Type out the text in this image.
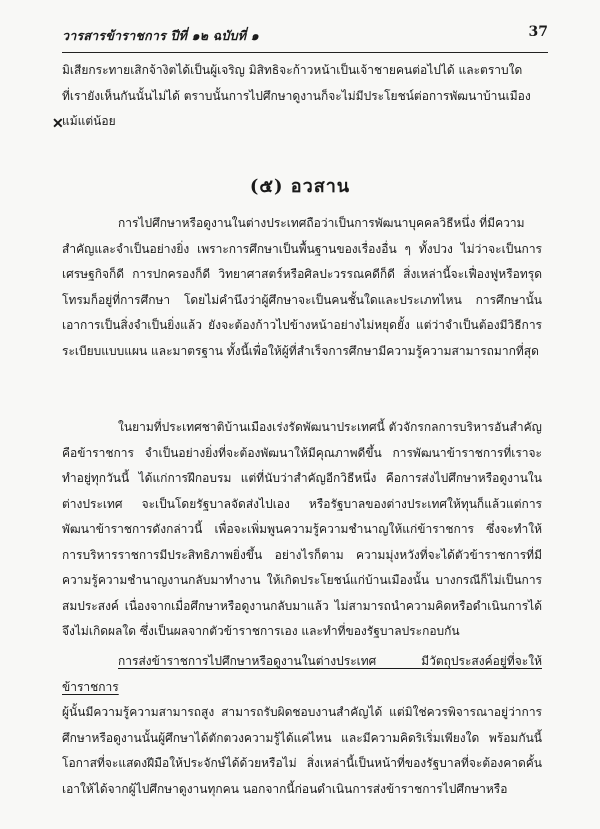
วารสารข้าราชการ ปีที่ ๑๒ ฉบับที่ ๑	37
✕

มิเสียกระทายเสิกจ้างิตได้เป็นผู้เจริญ มิสิทธิจะก้าวหน้าเป็นเจ้าชายคนต่อไปได้ และตราบใด

ที่เรายังเห็นกันนั้นไม่ได้ ตราบนั้นการไปศึกษาดูงานก็จะไม่มีประโยชน์ต่อการพัฒนาบ้านเมือง

แม้แต่น้อย

(๕) อวสาน

การไปศึกษาหรือดูงานในต่างประเทศถือว่าเป็นการพัฒนาบุคคลวิธีหนึ่ง ที่มีความ

สำคัญและจำเป็นอย่างยิ่ง เพราะการศึกษาเป็นพื้นฐานของเรื่องอื่น ๆ ทั้งปวง ไม่ว่าจะเป็นการเศรษฐกิจก็ดี การปกครองก็ดี วิทยาศาสตร์หรือศิลปะวรรณคดีก็ดี สิ่งเหล่านี้จะเฟื่องฟูหรือทรุดโทรมก็อยู่ที่การศึกษา โดยไม่คำนึงว่าผู้ศึกษาจะเป็นคนชั้นใดและประเภทไหน การศึกษานั้นเอาการเป็นสิ่งจำเป็นยิ่งแล้ว ยังจะต้องก้าวไปข้างหน้าอย่างไม่หยุดยั้ง แต่ว่าจำเป็นต้องมีวิธีการ ระเบียบแบบแผน และมาตรฐาน ทั้งนี้เพื่อให้ผู้ที่สำเร็จการศึกษามีความรู้ความสามารถมากที่สุด

ในยามที่ประเทศชาติบ้านเมืองเร่งรัดพัฒนาประเทศนี้ ตัวจักรกลการบริหารอันสำคัญ

คือข้าราชการ จำเป็นอย่างยิ่งที่จะต้องพัฒนาให้มีคุณภาพดีขึ้น การพัฒนาข้าราชการที่เราจะทำอยู่ทุกวันนี้ ได้แก่การฝึกอบรม แต่ที่นับว่าสำคัญอีกวิธีหนึ่ง คือการส่งไปศึกษาหรือดูงานในต่างประเทศ จะเป็นโดยรัฐบาลจัดส่งไปเอง หรือรัฐบาลของต่างประเทศให้ทุนก็แล้วแต่การพัฒนาข้าราชการดังกล่าวนี้ เพื่อจะเพิ่มพูนความรู้ความชำนาญให้แก่ข้าราชการ ซึ่งจะทำให้การบริหารราชการมีประสิทธิภาพยิ่งขึ้น อย่างไรก็ตาม ความมุ่งหวังที่จะได้ตัวข้าราชการที่มีความรู้ความชำนาญงานกลับมาทำงาน ให้เกิดประโยชน์แก่บ้านเมืองนั้น บางกรณีก็ไม่เป็นการสมประสงค์ เนื่องจากเมื่อศึกษาหรือดูงานกลับมาแล้ว ไม่สามารถนำความคิดหรือดำเนินการได้ จึงไม่เกิดผลใด ซึ่งเป็นผลจากตัวข้าราชการเอง และทำที่ของรัฐบาลประกอบกัน

การส่งข้าราชการไปศึกษาหรือดูงานในต่างประเทศ มีวัตถุประสงค์อยู่ที่จะให้ข้าราชการ

ผู้นั้นมีความรู้ความสามารถสูง สามารถรับผิดชอบงานสำคัญได้ แต่มิใช่ควรพิจารณาอยู่ว่าการศึกษาหรือดูงานนั้นผู้ศึกษาได้ตักตวงความรู้ได้แค่ไหน และมีความคิดริเริ่มเพียงใด พร้อมกันนี้โอกาสที่จะแสดงฝีมือให้ประจักษ์ได้ด้วยหรือไม่ สิ่งเหล่านี้เป็นหน้าที่ของรัฐบาลที่จะต้องคาดคั้นเอาให้ได้จากผู้ไปศึกษาดูงานทุกคน นอกจากนี้ก่อนดำเนินการส่งข้าราชการไปศึกษาหรือ
